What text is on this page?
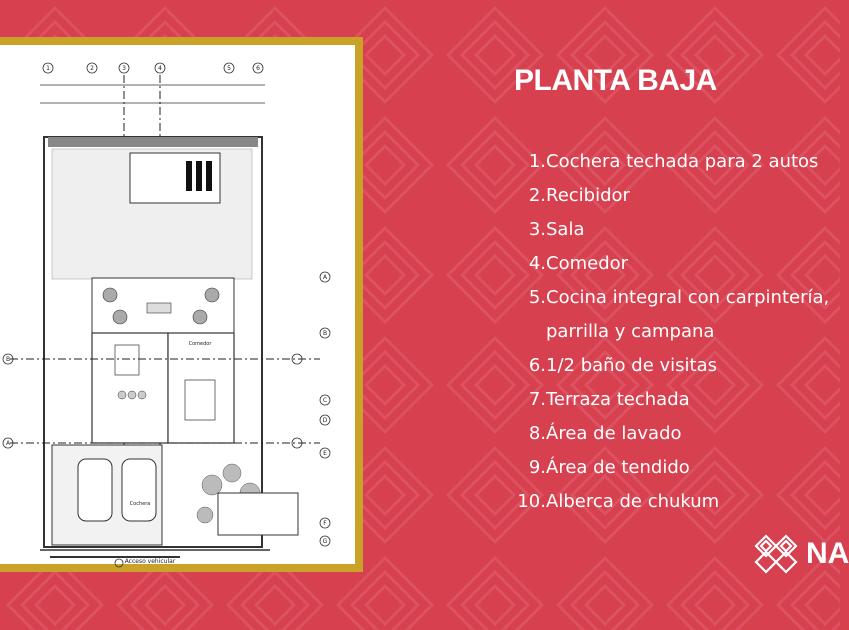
1	2	3	4	5	6
Comedor
Cochera
A
B
C
D
E
F
G
B
A
Acceso vehicular
PLANTA BAJA
1. Cochera techada para 2 autos
2. Recibidor
3. Sala
4. Comedor
5. Cocina integral con carpintería,
parrilla y campana
6. 1/2 baño de visitas
7. Terraza techada
8. Área de lavado
9. Área de tendido
10. Alberca de chukum
NA
